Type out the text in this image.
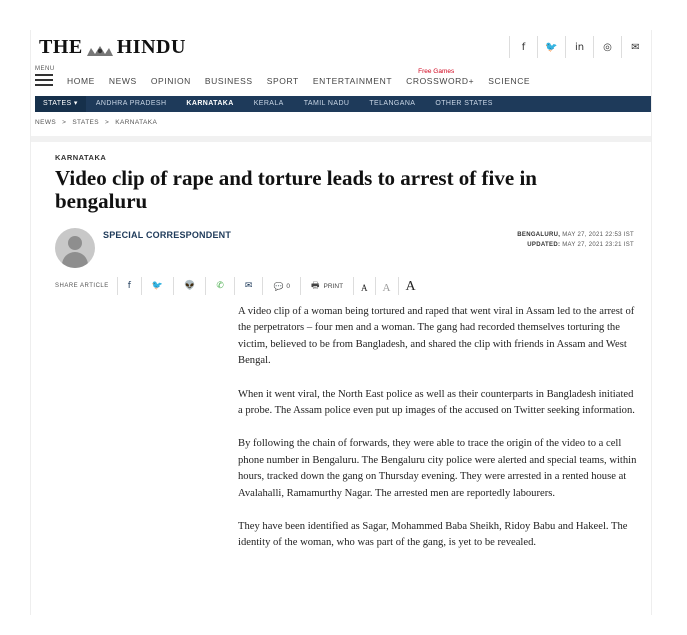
THE HINDU	f	🐦	in	◎	✉
MENU
HOME NEWS OPINION BUSINESS SPORT ENTERTAINMENT
Free Games
CROSSWORD+ SCIENCE
STATES ▾	ANDHRA PRADESH	KARNATAKA	KERALA	TAMIL NADU	TELANGANA	OTHER STATES
NEWS > STATES > KARNATAKA
KARNATAKA
Video clip of rape and torture leads to arrest of five in bengaluru
SPECIAL CORRESPONDENT	BENGALURU, MAY 27, 2021 22:53 IST
UPDATED: MAY 27, 2021 23:21 IST
SHARE ARTICLE	f	🐦	👽	✆	✉	💬 0 🖶 PRINT	A	A	A

A video clip of a woman being tortured and raped that went viral in Assam led to the arrest of the perpetrators – four men and a woman. The gang had recorded themselves torturing the victim, believed to be from Bangladesh, and shared the clip with friends in Assam and West Bengal.

When it went viral, the North East police as well as their counterparts in Bangladesh initiated a probe. The Assam police even put up images of the accused on Twitter seeking information.

By following the chain of forwards, they were able to trace the origin of the video to a cell phone number in Bengaluru. The Bengaluru city police were alerted and special teams, within hours, tracked down the gang on Thursday evening. They were arrested in a rented house at Avalahalli, Ramamurthy Nagar. The arrested men are reportedly labourers.

They have been identified as Sagar, Mohammed Baba Sheikh, Ridoy Babu and Hakeel. The identity of the woman, who was part of the gang, is yet to be revealed.
